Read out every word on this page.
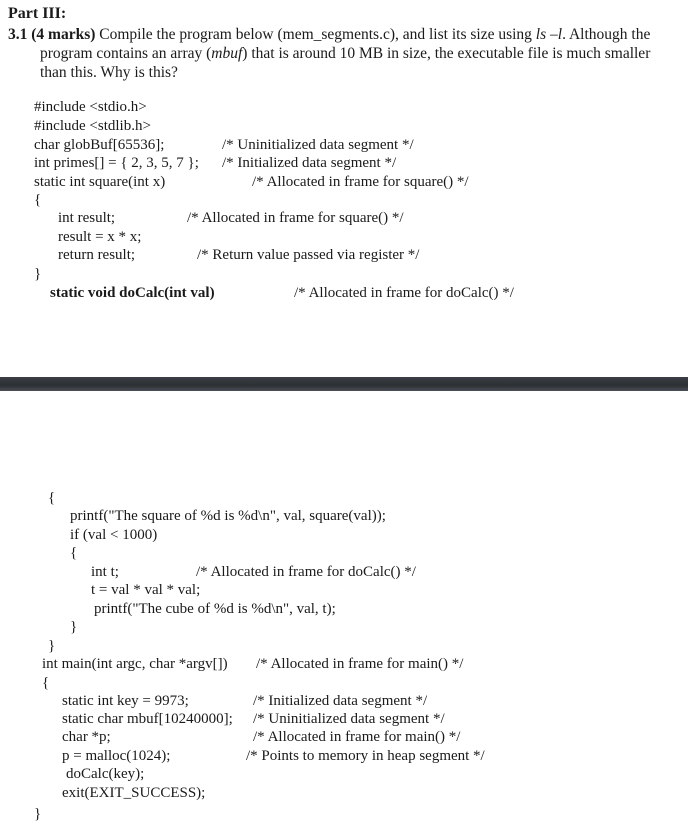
Part III:
3.1 (4 marks) Compile the program below (mem_segments.c), and list its size using ls –l. Although the program contains an array (mbuf) that is around 10 MB in size, the executable file is much smaller than this. Why is this?
#include <stdio.h>
#include <stdlib.h>
char globBuf[65536];	/* Uninitialized data segment */
int primes[] = { 2, 3, 5, 7 }; /* Initialized data segment */
static int square(int x)	/* Allocated in frame for square() */
{
int result;	/* Allocated in frame for square() */
result = x * x;
return result;	/* Return value passed via register */
}
static void doCalc(int val)	/* Allocated in frame for doCalc() */
{
printf("The square of %d is %d\n", val, square(val));
if (val < 1000)
{
int t;	/* Allocated in frame for doCalc() */
t = val * val * val;
printf("The cube of %d is %d\n", val, t);
}
}
int main(int argc, char *argv[]) /* Allocated in frame for main() */
{
static int key = 9973;	/* Initialized data segment */
static char mbuf[10240000]; /* Uninitialized data segment */
char *p;	/* Allocated in frame for main() */
p = malloc(1024);	/* Points to memory in heap segment */
doCalc(key);
exit(EXIT_SUCCESS);
}
